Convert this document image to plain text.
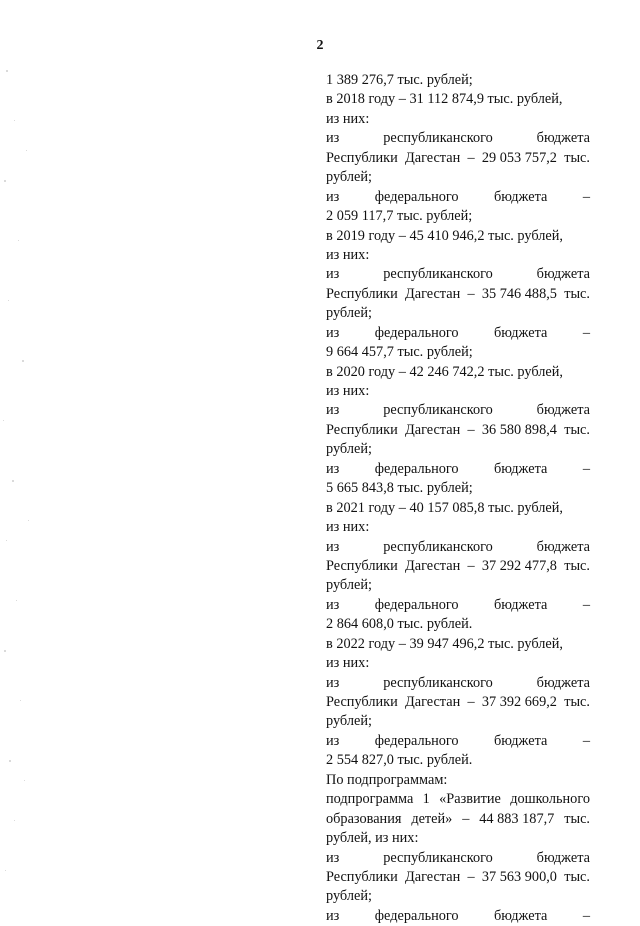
2
1 389 276,7 тыс. рублей;
в 2018 году – 31 112 874,9 тыс. рублей,
из них:
из	республиканского	бюджета
Республики Дагестан – 29 053 757,2 тыс.
рублей;
из федерального бюджета –
2 059 117,7 тыс. рублей;
в 2019 году – 45 410 946,2 тыс. рублей,
из них:
из	республиканского	бюджета
Республики Дагестан – 35 746 488,5 тыс.
рублей;
из федерального бюджета –
9 664 457,7 тыс. рублей;
в 2020 году – 42 246 742,2 тыс. рублей,
из них:
из	республиканского	бюджета
Республики Дагестан – 36 580 898,4 тыс.
рублей;
из федерального бюджета –
5 665 843,8 тыс. рублей;
в 2021 году – 40 157 085,8 тыс. рублей,
из них:
из	республиканского	бюджета
Республики Дагестан – 37 292 477,8 тыс.
рублей;
из федерального бюджета –
2 864 608,0 тыс. рублей.
в 2022 году – 39 947 496,2 тыс. рублей,
из них:
из	республиканского	бюджета
Республики Дагестан – 37 392 669,2 тыс.
рублей;
из федерального бюджета –
2 554 827,0 тыс. рублей.
По подпрограммам:
подпрограмма 1 «Развитие дошкольного
образования детей» – 44 883 187,7 тыс.
рублей, из них:
из	республиканского	бюджета
Республики Дагестан – 37 563 900,0 тыс.
рублей;
из федерального бюджета –
